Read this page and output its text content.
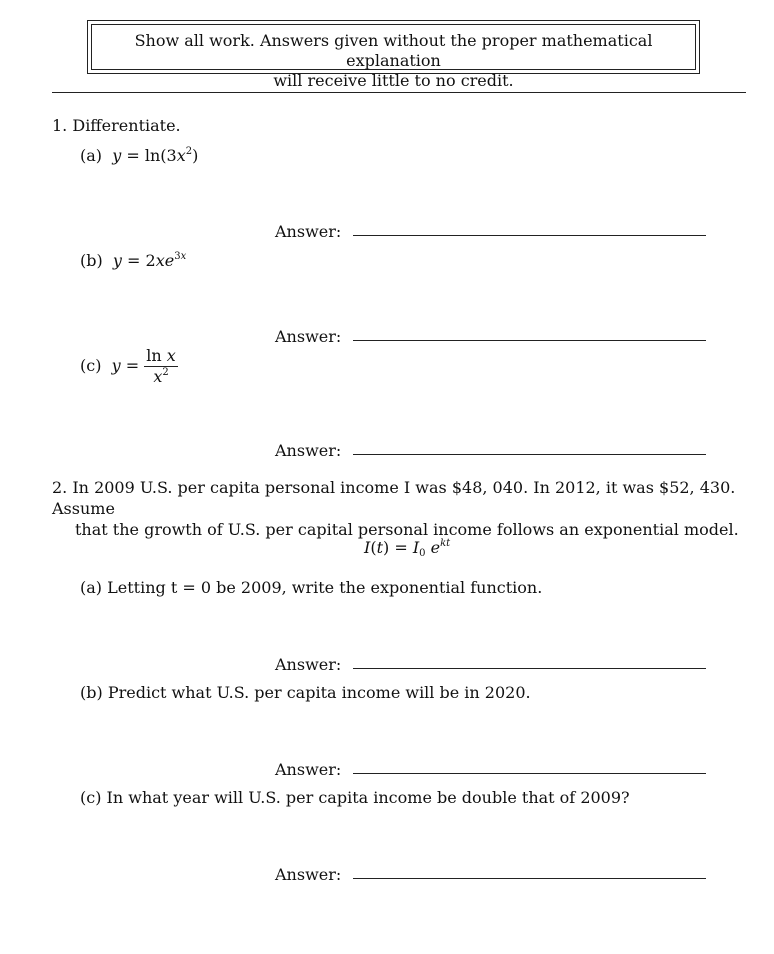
Show all work. Answers given without the proper mathematical explanation
will receive little to no credit.
1. Differentiate.
(a) $y = \ln(3x^2)$
Answer:
(b) $y = 2xe^{3x}$
Answer:
(c) $y = \frac{\text{ln x}}{x^2}$
Answer:
2. In 2009 U.S. per capita personal income I was $48, 040. In 2012, it was $52, 430. Assume
that the growth of U.S. per capital personal income follows an exponential model.
$I(t) = I_0$ $e^{kt}$
(a) Letting t = 0 be 2009, write the exponential function.
Answer:
(b) Predict what U.S. per capita income will be in 2020.
Answer:
(c) In what year will U.S. per capita income be double that of 2009?
Answer:
